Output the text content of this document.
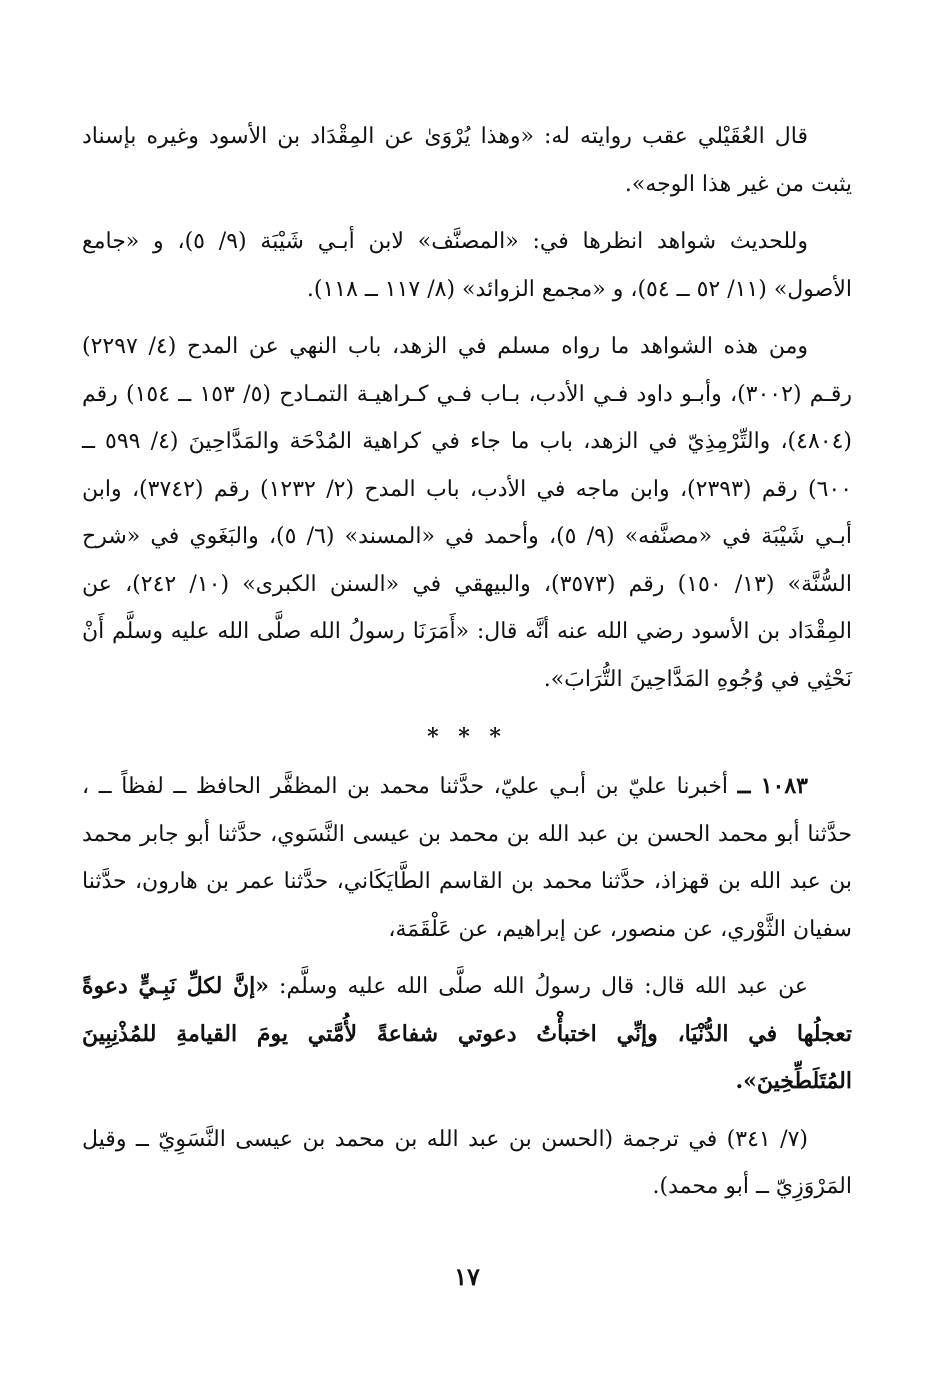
قال العُقَيْلي عقب روايته له: «وهذا يُرْوَىٰ عن المِقْدَاد بن الأسود وغيره بإسناد يثبت من غير هذا الوجه».

وللحديث شواهد انظرها في: «المصنَّف» لابن أبـي شَيْبَة (٩/ ٥)، و «جامع الأصول» (١١/ ٥٢ ــ ٥٤)، و «مجمع الزوائد» (٨/ ١١٧ ــ ١١٨).

ومن هذه الشواهد ما رواه مسلم في الزهد، باب النهي عن المدح (٤/ ٢٢٩٧) رقـم (٣٠٠٢)، وأبـو داود فـي الأدب، بـاب فـي كـراهيـة التمـادح (٥/ ١٥٣ ــ ١٥٤) رقم (٤٨٠٤)، والتِّرْمِذِيّ في الزهد، باب ما جاء في كراهية المُدْحَة والمَدَّاحِينَ (٤/ ٥٩٩ ــ ٦٠٠) رقم (٢٣٩٣)، وابن ماجه في الأدب، باب المدح (٢/ ١٢٣٢) رقم (٣٧٤٢)، وابن أبـي شَيْبَة في «مصنَّفه» (٩/ ٥)، وأحمد في «المسند» (٦/ ٥)، والبَغَوي في «شرح السُّنَّة» (١٣/ ١٥٠) رقم (٣٥٧٣)، والبيهقي في «السنن الكبرى» (١٠/ ٢٤٢)، عن المِقْدَاد بن الأسود رضي الله عنه أنَّه قال: «أَمَرَنَا رسولُ الله صلَّى الله عليه وسلَّم أَنْ نَحْثِي في وُجُوهِ المَدَّاحِينَ التُّرَابَ».

* * *

١٠٨٣ ــ أخبرنا عليّ بن أبـي عليّ، حدَّثنا محمد بن المظفَّر الحافظ ــ لفظاً ــ ، حدَّثنا أبو محمد الحسن بن عبد الله بن محمد بن عيسى النَّسَوي، حدَّثنا أبو جابر محمد بن عبد الله بن قهزاذ، حدَّثنا محمد بن القاسم الطَّايَكَاني، حدَّثنا عمر بن هارون، حدَّثنا سفيان الثَّوْري، عن منصور، عن إبراهيم، عن عَلْقَمَة،

عن عبد الله قال: قال رسولُ الله صلَّى الله عليه وسلَّم: «إنَّ لكلِّ نَبِـيٍّ دعوةً تعجلُها في الدُّنْيَا، وإنِّي اختبأْتُ دعوتي شفاعةً لأُمَّتي يومَ القيامةِ للمُذْنِبِينَ المُتَلَطِّخِينَ».

(٧/ ٣٤١) في ترجمة (الحسن بن عبد الله بن محمد بن عيسى النَّسَوِيّ ــ وقيل المَرْوَزِيّ ــ أبو محمد).

١٧
